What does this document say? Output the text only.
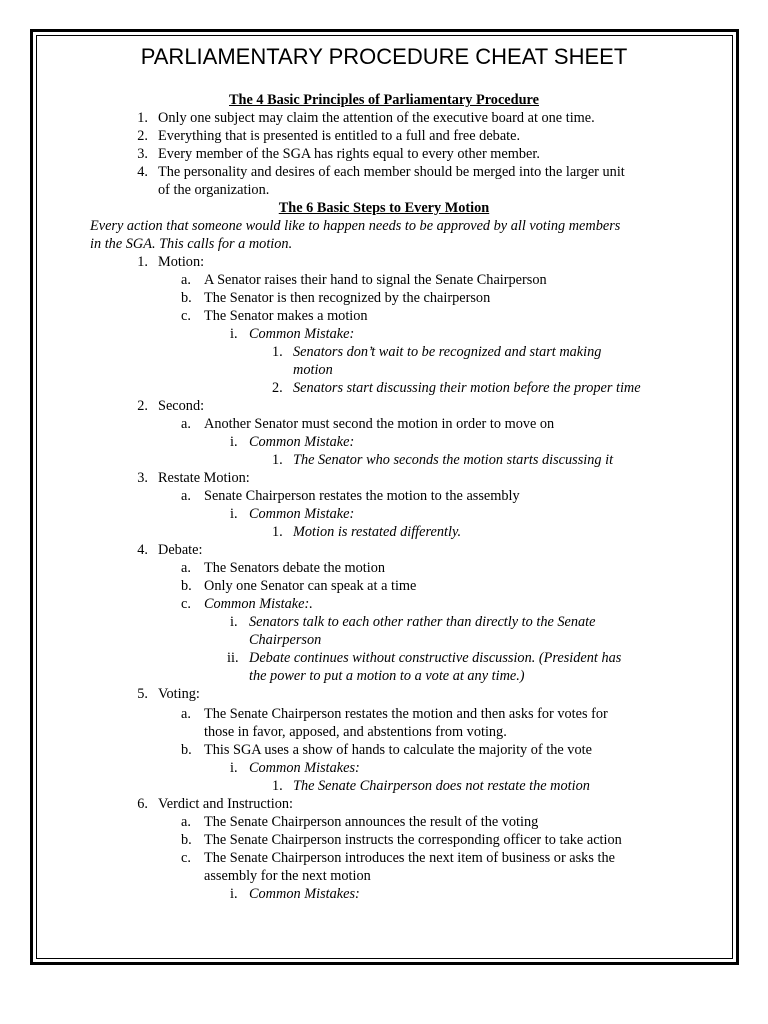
PARLIAMENTARY PROCEDURE CHEAT SHEET
The 4 Basic Principles of Parliamentary Procedure
1. Only one subject may claim the attention of the executive board at one time.
2. Everything that is presented is entitled to a full and free debate.
3. Every member of the SGA has rights equal to every other member.
4. The personality and desires of each member should be merged into the larger unit
of the organization.
The 6 Basic Steps to Every Motion
Every action that someone would like to happen needs to be approved by all voting members
in the SGA. This calls for a motion.
1. Motion:
a. A Senator raises their hand to signal the Senate Chairperson
b. The Senator is then recognized by the chairperson
c. The Senator makes a motion
i. Common Mistake:
1. Senators don’t wait to be recognized and start making
motion
2. Senators start discussing their motion before the proper time
2. Second:
a. Another Senator must second the motion in order to move on
i. Common Mistake:
1. The Senator who seconds the motion starts discussing it
3. Restate Motion:
a. Senate Chairperson restates the motion to the assembly
i. Common Mistake:
1. Motion is restated differently.
4. Debate:
a. The Senators debate the motion
b. Only one Senator can speak at a time
c. Common Mistake:.
i. Senators talk to each other rather than directly to the Senate
Chairperson
ii. Debate continues without constructive discussion. (President has
the power to put a motion to a vote at any time.)
5. Voting:
a. The Senate Chairperson restates the motion and then asks for votes for
those in favor, apposed, and abstentions from voting.
b. This SGA uses a show of hands to calculate the majority of the vote
i. Common Mistakes:
1. The Senate Chairperson does not restate the motion
6. Verdict and Instruction:
a. The Senate Chairperson announces the result of the voting
b. The Senate Chairperson instructs the corresponding officer to take action
c. The Senate Chairperson introduces the next item of business or asks the
assembly for the next motion
i. Common Mistakes:
